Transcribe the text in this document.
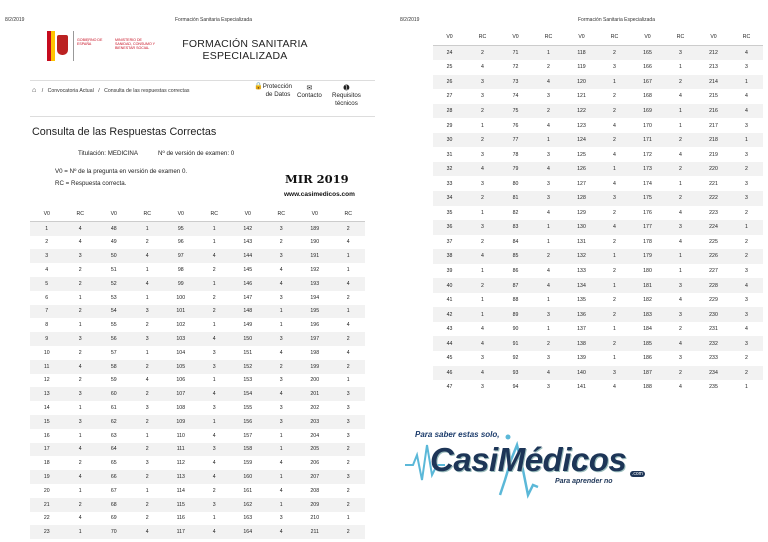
8/2/2019	Formación Sanitaria Especializada	8/2/2019	Formación Sanitaria Especializada
GOBIERNO DE ESPAÑA
MINISTERIO DE SANIDAD, CONSUMO Y BIENESTAR SOCIAL	FORMACIÓN SANITARIA
ESPECIALIZADA
⌂ / Convocatoria Actual / Consulta de las respuestas correctas
🔒Protección
de Datos
✉
Contacto
➊
Requisitos
técnicos
Consulta de las Respuestas Correctas
Titulación: MEDICINA	Nº de versión de examen: 0
V0 = Nº de la pregunta en versión de examen 0.
RC = Respuesta correcta.	MIR 2019
www.casimedicos.com
V0	RC	V0	RC	V0	RC	V0	RC	V0	RC
1	4	48	1	95	1	142	3	189	2
2	4	49	2	96	1	143	2	190	4
3	3	50	4	97	4	144	3	191	1
4	2	51	1	98	2	145	4	192	1
5	2	52	4	99	1	146	4	193	4
6	1	53	1	100	2	147	3	194	2
7	2	54	3	101	2	148	1	195	1
8	1	55	2	102	1	149	1	196	4
9	3	56	3	103	4	150	3	197	2
10	2	57	1	104	3	151	4	198	4
11	4	58	2	105	3	152	2	199	2
12	2	59	4	106	1	153	3	200	1
13	3	60	2	107	4	154	4	201	3
14	1	61	3	108	3	155	3	202	3
15	3	62	2	109	1	156	3	203	3
16	1	63	1	110	4	157	1	204	3
17	4	64	2	111	3	158	1	205	2
18	2	65	3	112	4	159	4	206	2
19	4	66	2	113	4	160	1	207	3
20	1	67	1	114	2	161	4	208	2
21	2	68	2	115	3	162	1	209	2
22	4	69	2	116	1	163	3	210	1
23	1	70	4	117	4	164	4	211	2
V0	RC	V0	RC	V0	RC	V0	RC	V0	RC
24	2	71	1	118	2	165	3	212	4
25	4	72	2	119	3	166	1	213	3
26	3	73	4	120	1	167	2	214	1
27	3	74	3	121	2	168	4	215	4
28	2	75	2	122	2	169	1	216	4
29	1	76	4	123	4	170	1	217	3
30	2	77	1	124	2	171	2	218	1
31	3	78	3	125	4	172	4	219	3
32	4	79	4	126	1	173	2	220	2
33	3	80	3	127	4	174	1	221	3
34	2	81	3	128	3	175	2	222	3
35	1	82	4	129	2	176	4	223	2
36	3	83	1	130	4	177	3	224	1
37	2	84	1	131	2	178	4	225	2
38	4	85	2	132	1	179	1	226	2
39	1	86	4	133	2	180	1	227	3
40	2	87	4	134	1	181	3	228	4
41	1	88	1	135	2	182	4	229	3
42	1	89	3	136	2	183	3	230	3
43	4	90	1	137	1	184	2	231	4
44	4	91	2	138	2	185	4	232	3
45	3	92	3	139	1	186	3	233	2
46	4	93	4	140	3	187	2	234	2
47	3	94	3	141	4	188	4	235	1
Para saber estas solo,
CasiMédicos	.com
Para aprender no
